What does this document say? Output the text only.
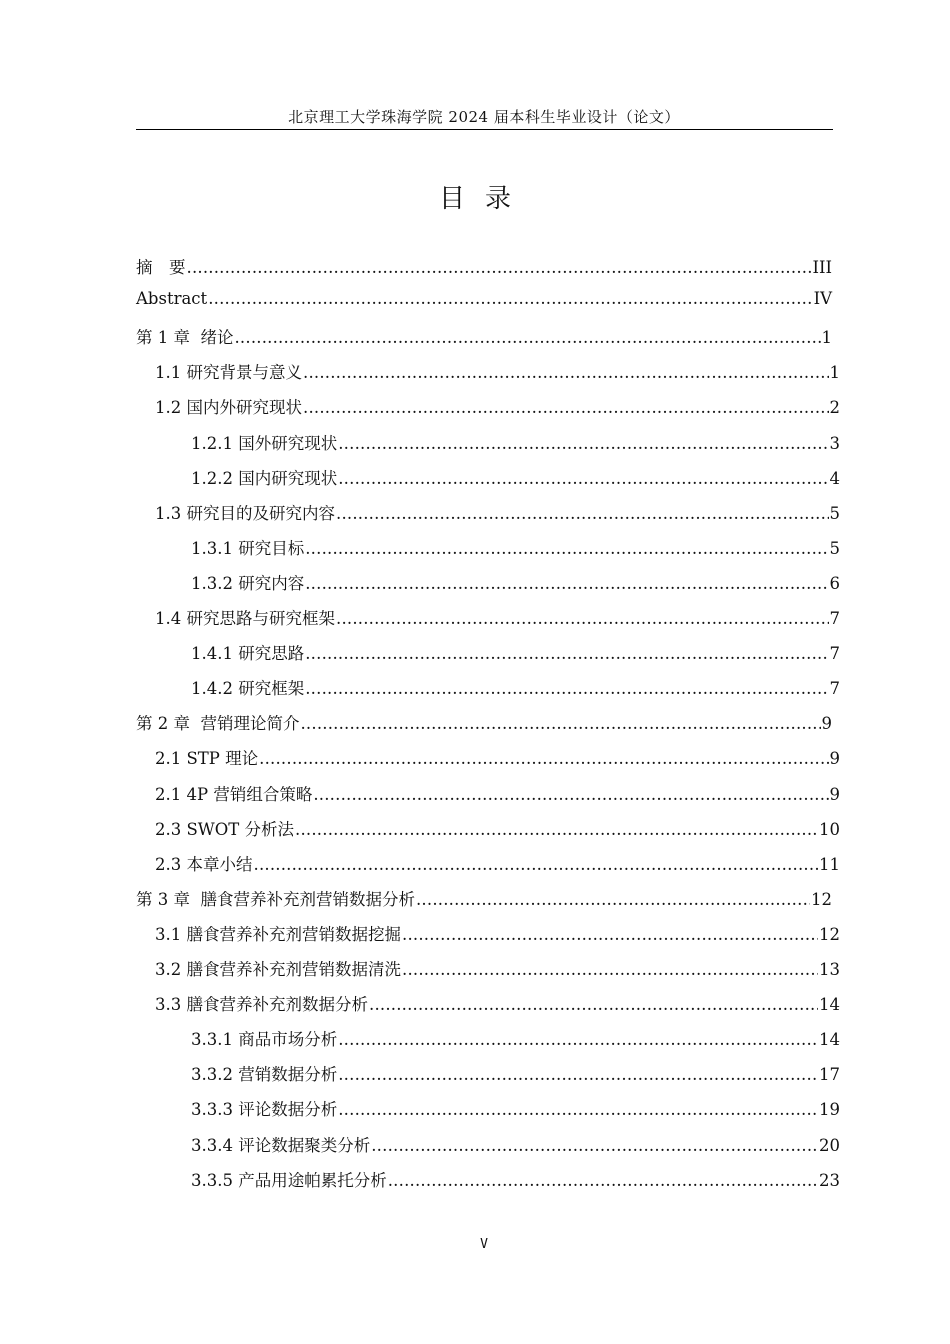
北京理工大学珠海学院 2024 届本科生毕业设计（论文）
目录
摘　要 .....	III
Abstract .....	IV
第 1 章  绪论 .....	1
1.1 研究背景与意义 .....	1
1.2 国内外研究现状 .....	2
1.2.1 国外研究现状 .....	3
1.2.2 国内研究现状 .....	4
1.3 研究目的及研究内容 .....	5
1.3.1 研究目标 .....	5
1.3.2 研究内容 .....	6
1.4 研究思路与研究框架 .....	7
1.4.1 研究思路 .....	7
1.4.2 研究框架 .....	7
第 2 章  营销理论简介 .....	9
2.1 STP 理论 .....	9
2.1 4P 营销组合策略 .....	9
2.3 SWOT 分析法 .....	10
2.3 本章小结 .....	11
第 3 章  膳食营养补充剂营销数据分析 .....	12
3.1 膳食营养补充剂营销数据挖掘 .....	12
3.2 膳食营养补充剂营销数据清洗 .....	13
3.3 膳食营养补充剂数据分析 .....	14
3.3.1 商品市场分析 .....	14
3.3.2 营销数据分析 .....	17
3.3.3 评论数据分析 .....	19
3.3.4 评论数据聚类分析 .....	20
3.3.5 产品用途帕累托分析 .....	23
V
